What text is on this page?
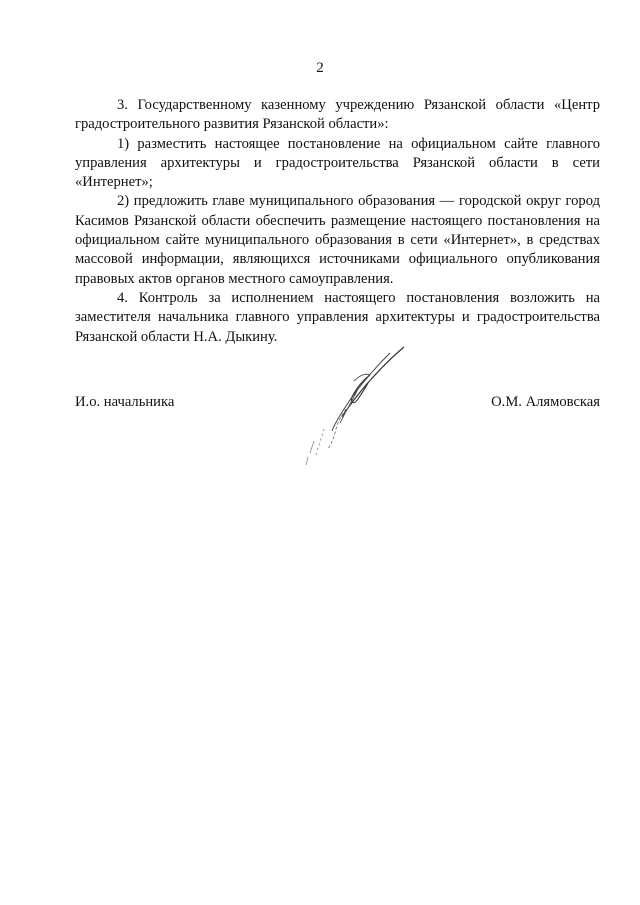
2

3. Государственному казенному учреждению Рязанской области «Центр градостроительного развития Рязанской области»:

1) разместить настоящее постановление на официальном сайте главного управления архитектуры и градостроительства Рязанской области в сети «Интернет»;

2) предложить главе муниципального образования — городской округ город Касимов Рязанской области обеспечить размещение настоящего постановления на официальном сайте муниципального образования в сети «Интернет», в средствах массовой информации, являющихся источниками официального опубликования правовых актов органов местного самоуправления.

4. Контроль за исполнением настоящего постановления возложить на заместителя начальника главного управления архитектуры и градостроительства Рязанской области Н.А. Дыкину.

И.о. начальника	О.М. Алямовская
